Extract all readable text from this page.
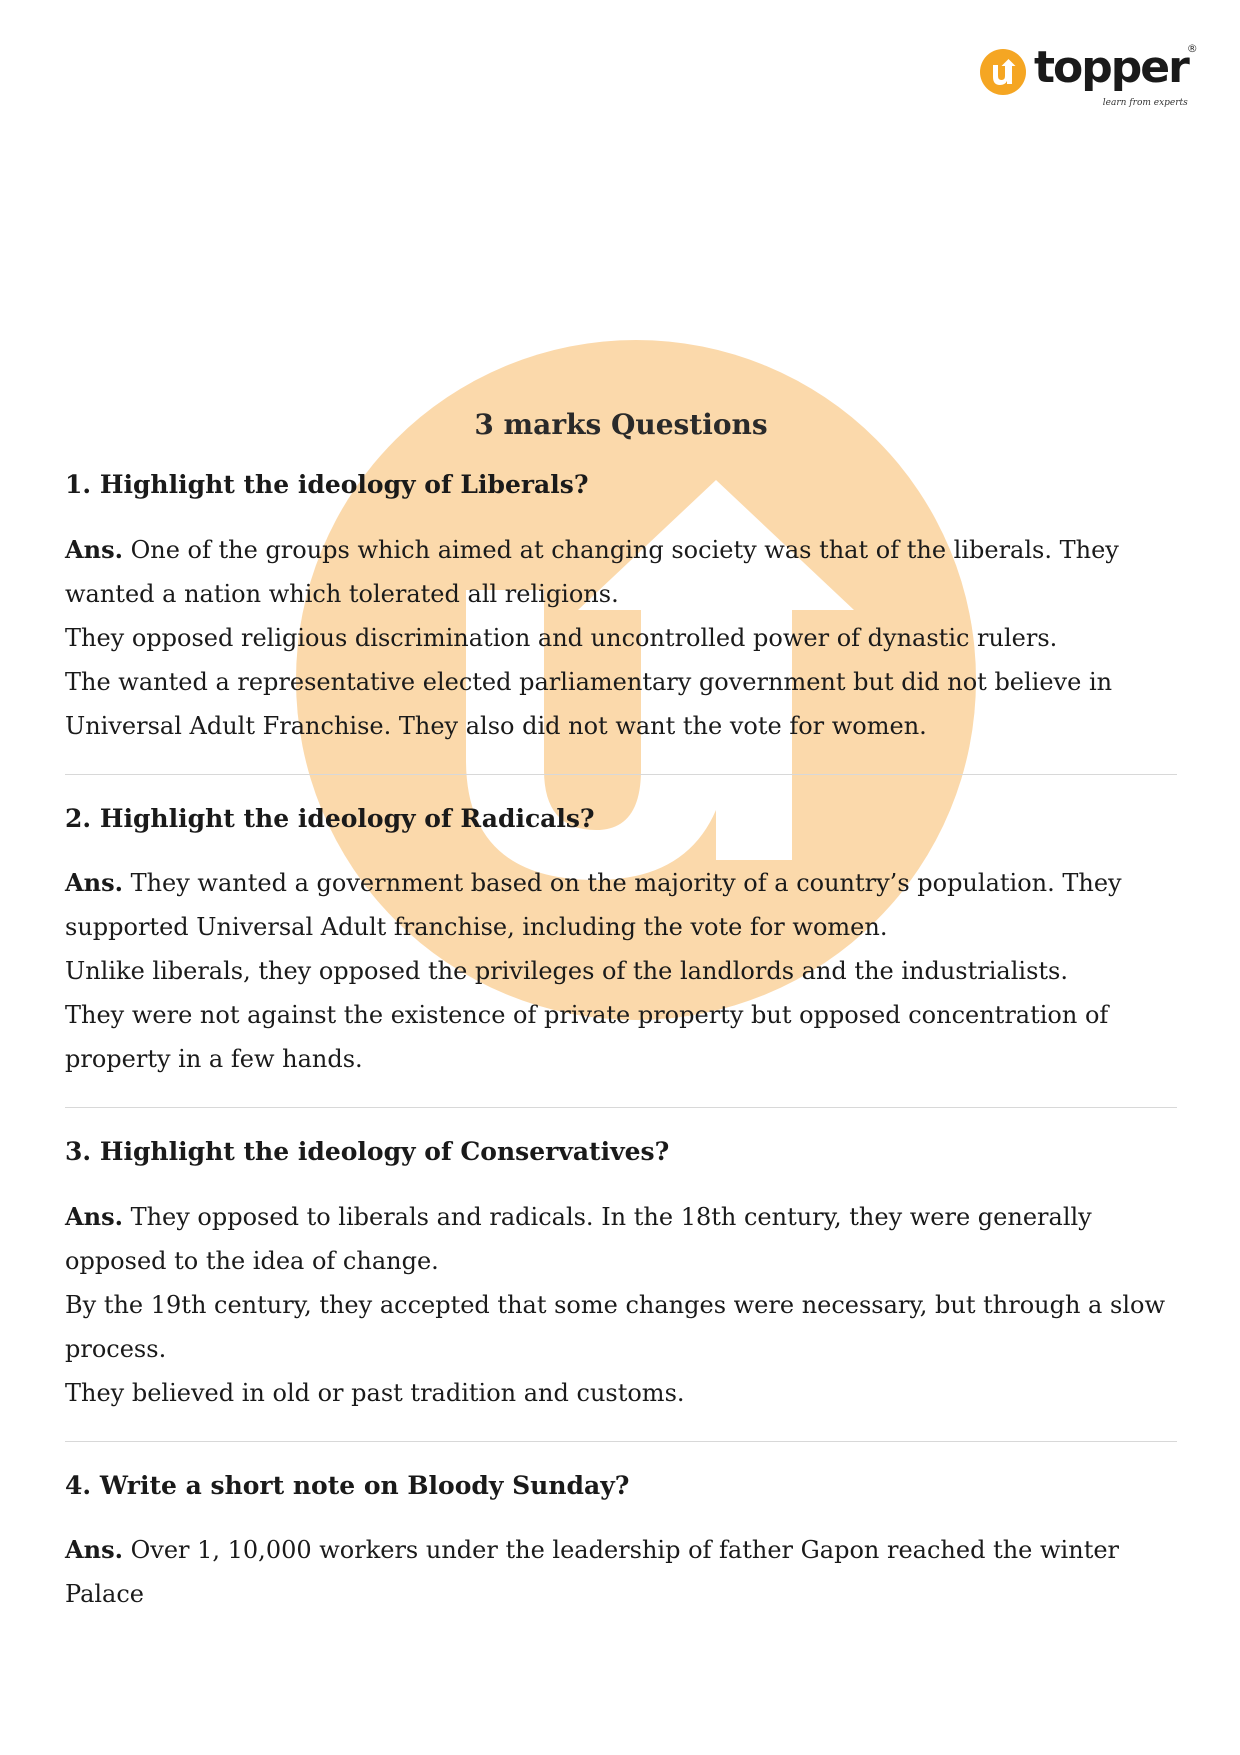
topper ®
learn from experts
3 marks Questions
1. Highlight the ideology of Liberals?

Ans. One of the groups which aimed at changing society was that of the liberals. They wanted a nation which tolerated all religions.

They opposed religious discrimination and uncontrolled power of dynastic rulers.

The wanted a representative elected parliamentary government but did not believe in Universal Adult Franchise. They also did not want the vote for women.

2. Highlight the ideology of Radicals?

Ans. They wanted a government based on the majority of a country’s population. They supported Universal Adult franchise, including the vote for women.

Unlike liberals, they opposed the privileges of the landlords and the industrialists.

They were not against the existence of private property but opposed concentration of property in a few hands.

3. Highlight the ideology of Conservatives?

Ans. They opposed to liberals and radicals. In the 18th century, they were generally opposed to the idea of change.

By the 19th century, they accepted that some changes were necessary, but through a slow process.

They believed in old or past tradition and customs.

4. Write a short note on Bloody Sunday?

Ans. Over 1, 10,000 workers under the leadership of father Gapon reached the winter Palace
